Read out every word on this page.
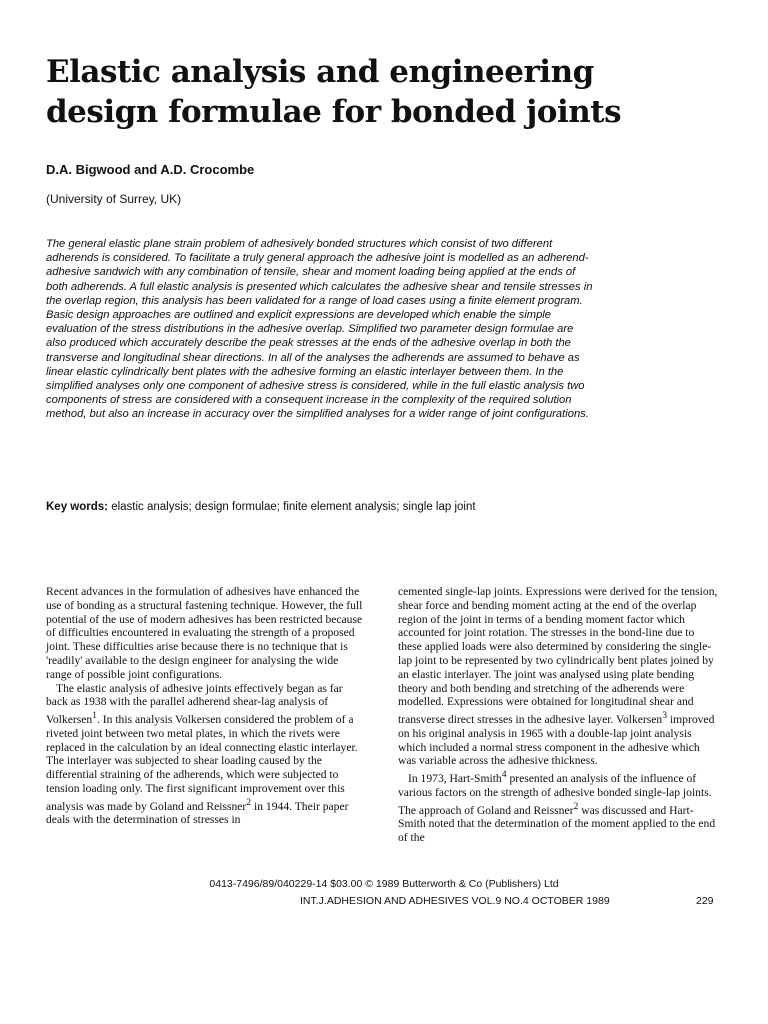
Elastic analysis and engineering design formulae for bonded joints
D.A. Bigwood and A.D. Crocombe
(University of Surrey, UK)

The general elastic plane strain problem of adhesively bonded structures which consist of two different adherends is considered. To facilitate a truly general approach the adhesive joint is modelled as an adherend-adhesive sandwich with any combination of tensile, shear and moment loading being applied at the ends of both adherends. A full elastic analysis is presented which calculates the adhesive shear and tensile stresses in the overlap region, this analysis has been validated for a range of load cases using a finite element program. Basic design approaches are outlined and explicit expressions are developed which enable the simple evaluation of the stress distributions in the adhesive overlap. Simplified two parameter design formulae are also produced which accurately describe the peak stresses at the ends of the adhesive overlap in both the transverse and longitudinal shear directions. In all of the analyses the adherends are assumed to behave as linear elastic cylindrically bent plates with the adhesive forming an elastic interlayer between them. In the simplified analyses only one component of adhesive stress is considered, while in the full elastic analysis two components of stress are considered with a consequent increase in the complexity of the required solution method, but also an increase in accuracy over the simplified analyses for a wider range of joint configurations.

Key words: elastic analysis; design formulae; finite element analysis; single lap joint

Recent advances in the formulation of adhesives have enhanced the use of bonding as a structural fastening technique. However, the full potential of the use of modern adhesives has been restricted because of difficulties encountered in evaluating the strength of a proposed joint. These difficulties arise because there is no technique that is 'readily' available to the design engineer for analysing the wide range of possible joint configurations.

The elastic analysis of adhesive joints effectively began as far back as 1938 with the parallel adherend shear-lag analysis of Volkersen$^1$. In this analysis Volkersen considered the problem of a riveted joint between two metal plates, in which the rivets were replaced in the calculation by an ideal connecting elastic interlayer. The interlayer was subjected to shear loading caused by the differential straining of the adherends, which were subjected to tension loading only. The first significant improvement over this analysis was made by Goland and Reissner$^2$ in 1944. Their paper deals with the determination of stresses in

cemented single-lap joints. Expressions were derived for the tension, shear force and bending moment acting at the end of the overlap region of the joint in terms of a bending moment factor which accounted for joint rotation. The stresses in the bond-line due to these applied loads were also determined by considering the single-lap joint to be represented by two cylindrically bent plates joined by an elastic interlayer. The joint was analysed using plate bending theory and both bending and stretching of the adherends were modelled. Expressions were obtained for longitudinal shear and transverse direct stresses in the adhesive layer. Volkersen$^3$ improved on his original analysis in 1965 with a double-lap joint analysis which included a normal stress component in the adhesive which was variable across the adhesive thickness.

In 1973, Hart-Smith$^4$ presented an analysis of the influence of various factors on the strength of adhesive bonded single-lap joints. The approach of Goland and Reissner$^2$ was discussed and Hart-Smith noted that the determination of the moment applied to the end of the

0413-7496/89/040229-14 $03.00 © 1989 Butterworth & Co (Publishers) Ltd
INT.J.ADHESION AND ADHESIVES VOL.9 NO.4 OCTOBER 1989	229
